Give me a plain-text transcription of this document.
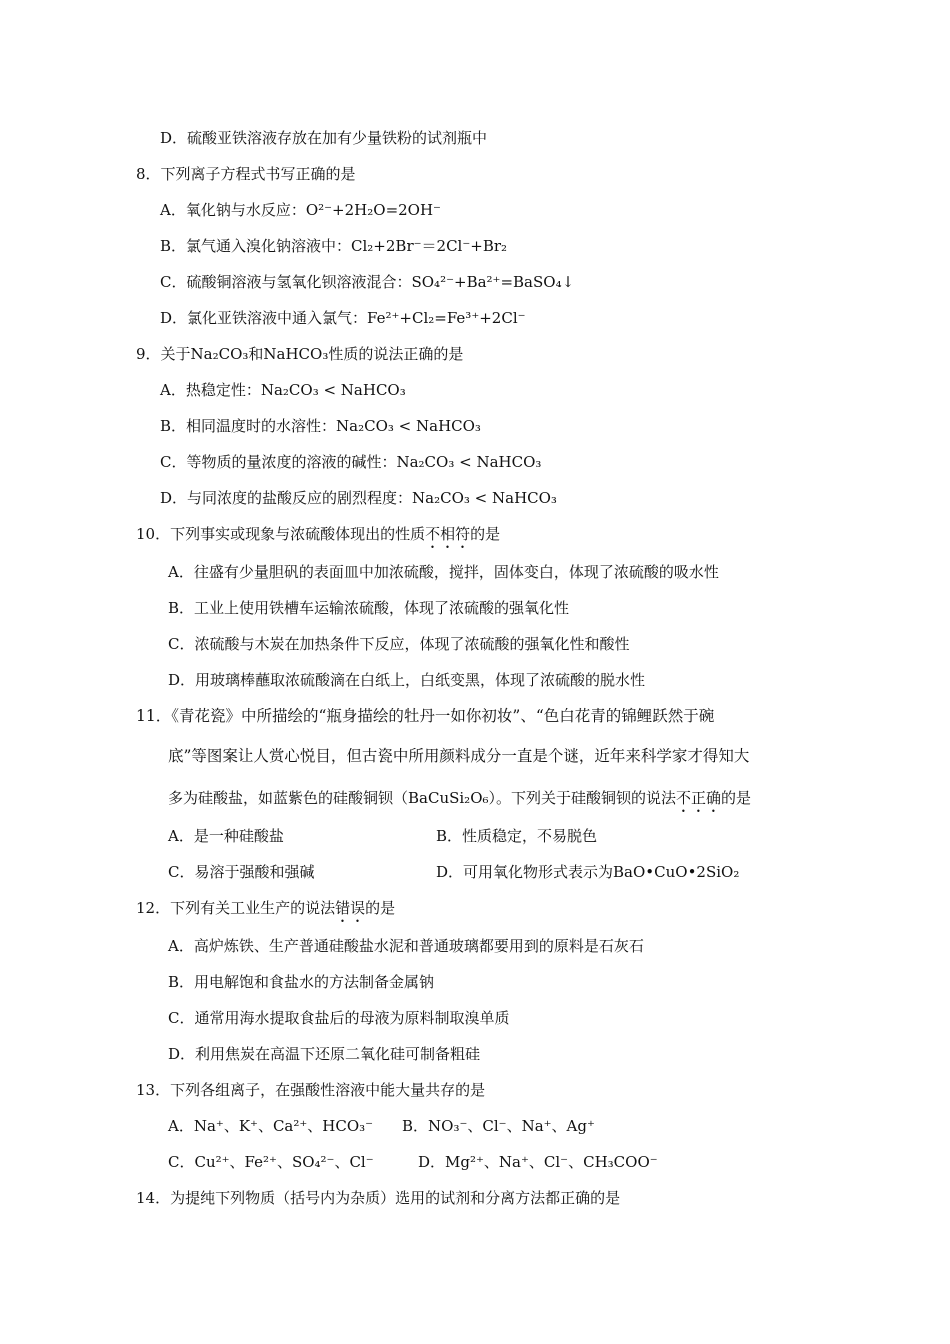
D．硫酸亚铁溶液存放在加有少量铁粉的试剂瓶中
8．下列离子方程式书写正确的是
A．氧化钠与水反应：O²⁻+2H₂O=2OH⁻
B．氯气通入溴化钠溶液中：Cl₂+2Br⁻＝2Cl⁻+Br₂
C．硫酸铜溶液与氢氧化钡溶液混合：SO₄²⁻+Ba²⁺=BaSO₄↓
D．氯化亚铁溶液中通入氯气：Fe²⁺+Cl₂=Fe³⁺+2Cl⁻
9．关于Na₂CO₃和NaHCO₃性质的说法正确的是
A．热稳定性：Na₂CO₃ < NaHCO₃
B．相同温度时的水溶性：Na₂CO₃ < NaHCO₃
C．等物质的量浓度的溶液的碱性：Na₂CO₃ < NaHCO₃
D．与同浓度的盐酸反应的剧烈程度：Na₂CO₃ < NaHCO₃
10．下列事实或现象与浓硫酸体现出的性质不相符的是
A．往盛有少量胆矾的表面皿中加浓硫酸，搅拌，固体变白，体现了浓硫酸的吸水性
B．工业上使用铁槽车运输浓硫酸，体现了浓硫酸的强氧化性
C．浓硫酸与木炭在加热条件下反应，体现了浓硫酸的强氧化性和酸性
D．用玻璃棒蘸取浓硫酸滴在白纸上，白纸变黑，体现了浓硫酸的脱水性
11．《青花瓷》中所描绘的“瓶身描绘的牡丹一如你初妆”、“色白花青的锦鲤跃然于碗
底”等图案让人赏心悦目，但古瓷中所用颜料成分一直是个谜，近年来科学家才得知大
多为硅酸盐，如蓝紫色的硅酸铜钡（BaCuSi₂O₆）。下列关于硅酸铜钡的说法不正确的是
A．是一种硅酸盐	B．性质稳定，不易脱色
C．易溶于强酸和强碱	D．可用氧化物形式表示为BaO•CuO•2SiO₂
12．下列有关工业生产的说法错误的是
A．高炉炼铁、生产普通硅酸盐水泥和普通玻璃都要用到的原料是石灰石
B．用电解饱和食盐水的方法制备金属钠
C．通常用海水提取食盐后的母液为原料制取溴单质
D．利用焦炭在高温下还原二氧化硅可制备粗硅
13．下列各组离子，在强酸性溶液中能大量共存的是
A．Na⁺、K⁺、Ca²⁺、HCO₃⁻ B．NO₃⁻、Cl⁻、Na⁺、Ag⁺
C．Cu²⁺、Fe²⁺、SO₄²⁻、Cl⁻	D．Mg²⁺、Na⁺、Cl⁻、CH₃COO⁻
14．为提纯下列物质（括号内为杂质）选用的试剂和分离方法都正确的是
